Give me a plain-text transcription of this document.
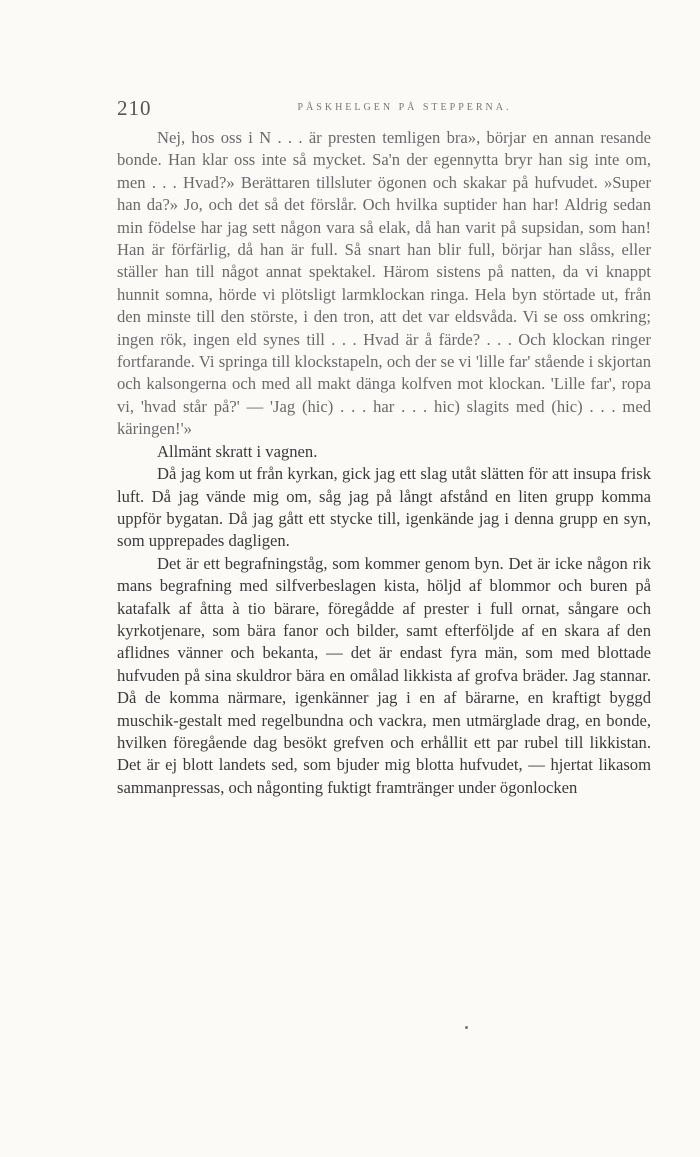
210	PÅSKHELGEN PÅ STEPPERNA.

Nej, hos oss i N . . . är presten temligen bra», börjar en annan resande bonde. Han klar oss inte så mycket. Sa'n der egennytta bryr han sig inte om, men . . . Hvad?» Berättaren tillsluter ögonen och skakar på hufvudet. »Super han da?» Jo, och det så det förslår. Och hvilka suptider han har! Aldrig sedan min födelse har jag sett någon vara så elak, då han varit på supsidan, som han! Han är förfärlig, då han är full. Så snart han blir full, börjar han slåss, eller ställer han till något annat spektakel. Härom sistens på natten, da vi knappt hunnit somna, hörde vi plötsligt larmklockan ringa. Hela byn störtade ut, från den minste till den störste, i den tron, att det var eldsvåda. Vi se oss omkring; ingen rök, ingen eld synes till . . . Hvad är å färde? . . . Och klockan ringer fortfarande. Vi springa till klockstapeln, och der se vi 'lille far' stående i skjortan och kalsongerna och med all makt dänga kolfven mot klockan. 'Lille far', ropa vi, 'hvad står på?' — 'Jag (hic) . . . har . . . hic) slagits med (hic) . . . med käringen!'»

Allmänt skratt i vagnen.

Då jag kom ut från kyrkan, gick jag ett slag utåt slätten för att insupa frisk luft. Då jag vände mig om, såg jag på långt afstånd en liten grupp komma uppför bygatan. Då jag gått ett stycke till, igenkände jag i denna grupp en syn, som upprepades dagligen.

Det är ett begrafningståg, som kommer genom byn. Det är icke någon rik mans begrafning med silfverbeslagen kista, höljd af blommor och buren på katafalk af åtta à tio bärare, föregådde af prester i full ornat, sångare och kyrkotjenare, som bära fanor och bilder, samt efterföljde af en skara af den aflidnes vänner och bekanta, — det är endast fyra män, som med blottade hufvuden på sina skuldror bära en omålad likkista af grofva bräder. Jag stannar. Då de komma närmare, igenkänner jag i en af bärarne, en kraftigt byggd muschik-gestalt med regelbundna och vackra, men utmärglade drag, en bonde, hvilken föregående dag besökt grefven och erhållit ett par rubel till likkistan. Det är ej blott landets sed, som bjuder mig blotta hufvudet, — hjertat likasom sammanpressas, och någonting fuktigt framtränger under ögonlocken
